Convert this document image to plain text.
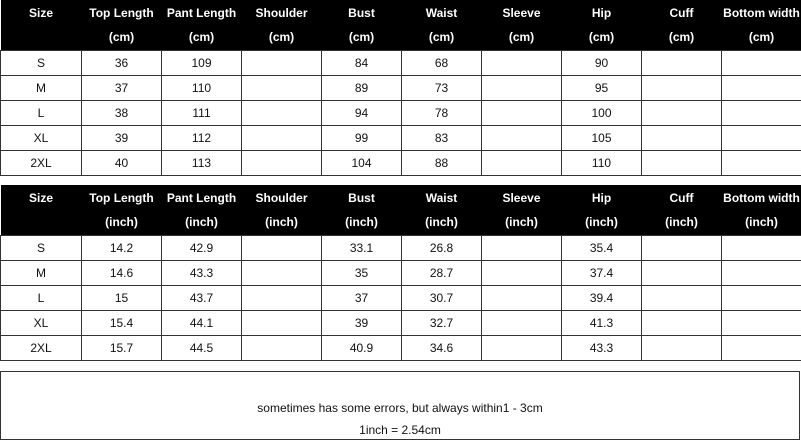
Size	Top Length	Pant Length	Shoulder	Bust	Waist	Sleeve	Hip	Cuff	Bottom width
	(cm)	(cm)	(cm)	(cm)	(cm)	(cm)	(cm)	(cm)	(cm)
S	36	109		84	68		90		
M	37	110		89	73		95		
L	38	111		94	78		100		
XL	39	112		99	83		105		
2XL	40	113		104	88		110		
Size	Top Length	Pant Length	Shoulder	Bust	Waist	Sleeve	Hip	Cuff	Bottom width
	(inch)	(inch)	(inch)	(inch)	(inch)	(inch)	(inch)	(inch)	(inch)
S	14.2	42.9		33.1	26.8		35.4		
M	14.6	43.3		35	28.7		37.4		
L	15	43.7		37	30.7		39.4		
XL	15.4	44.1		39	32.7		41.3		
2XL	15.7	44.5		40.9	34.6		43.3		
sometimes has some errors, but always within1 - 3cm
1inch = 2.54cm
